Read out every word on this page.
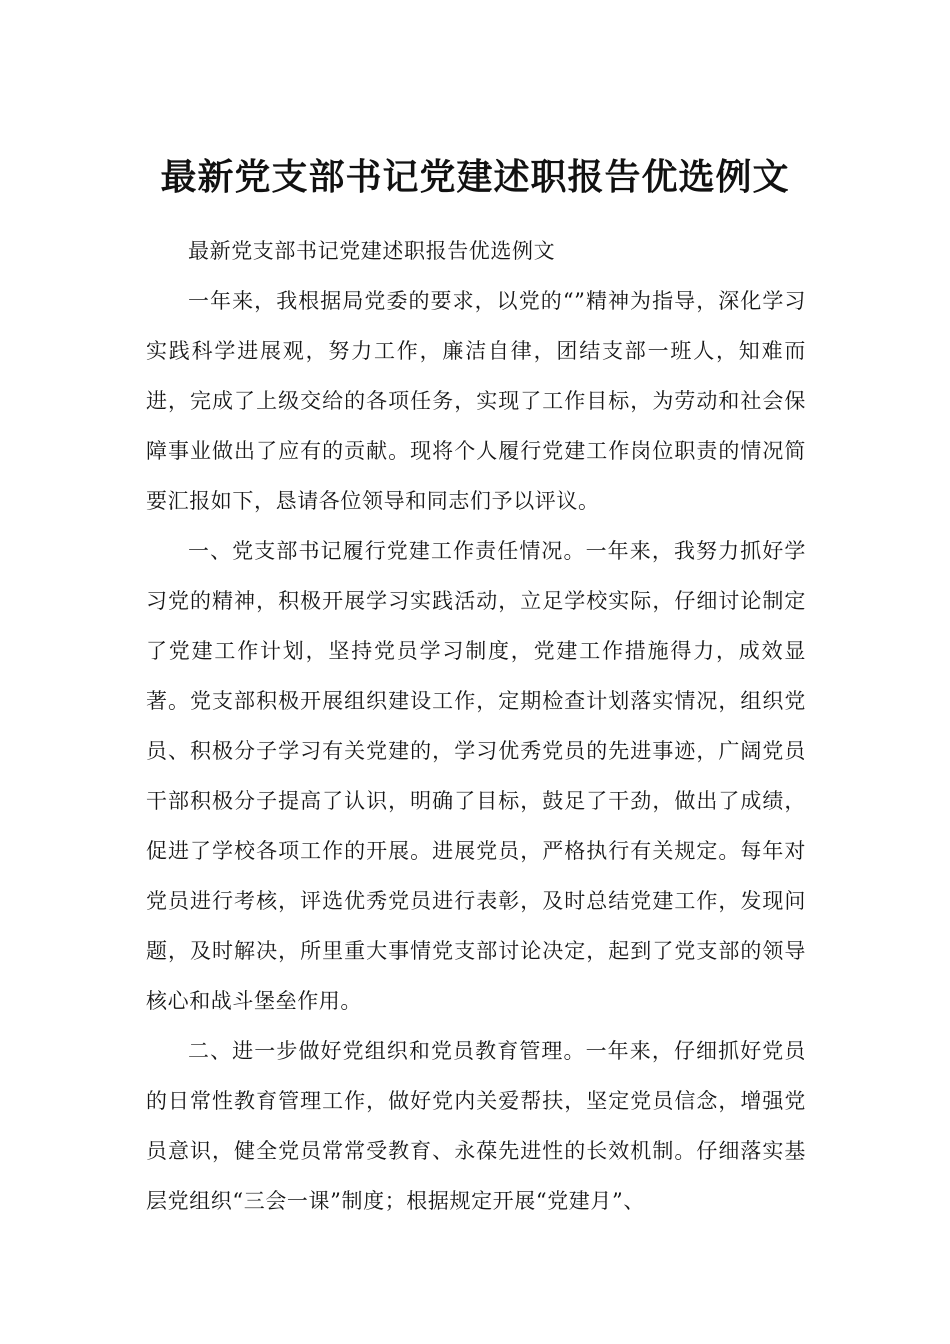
最新党支部书记党建述职报告优选例文

最新党支部书记党建述职报告优选例文

一年来，我根据局党委的要求，以党的“”精神为指导，深化学习实践科学进展观，努力工作，廉洁自律，团结支部一班人，知难而进，完成了上级交给的各项任务，实现了工作目标，为劳动和社会保障事业做出了应有的贡献。现将个人履行党建工作岗位职责的情况简要汇报如下，恳请各位领导和同志们予以评议。

一、党支部书记履行党建工作责任情况。一年来，我努力抓好学习党的精神，积极开展学习实践活动，立足学校实际，仔细讨论制定了党建工作计划，坚持党员学习制度，党建工作措施得力，成效显著。党支部积极开展组织建设工作，定期检查计划落实情况，组织党员、积极分子学习有关党建的，学习优秀党员的先进事迹，广阔党员干部积极分子提高了认识，明确了目标，鼓足了干劲，做出了成绩，促进了学校各项工作的开展。进展党员，严格执行有关规定。每年对党员进行考核，评选优秀党员进行表彰，及时总结党建工作，发现问题，及时解决，所里重大事情党支部讨论决定，起到了党支部的领导核心和战斗堡垒作用。

二、进一步做好党组织和党员教育管理。一年来，仔细抓好党员的日常性教育管理工作，做好党内关爱帮扶，坚定党员信念，增强党员意识，健全党员常常受教育、永葆先进性的长效机制。仔细落实基层党组织“三会一课”制度；根据规定开展“党建月”、
